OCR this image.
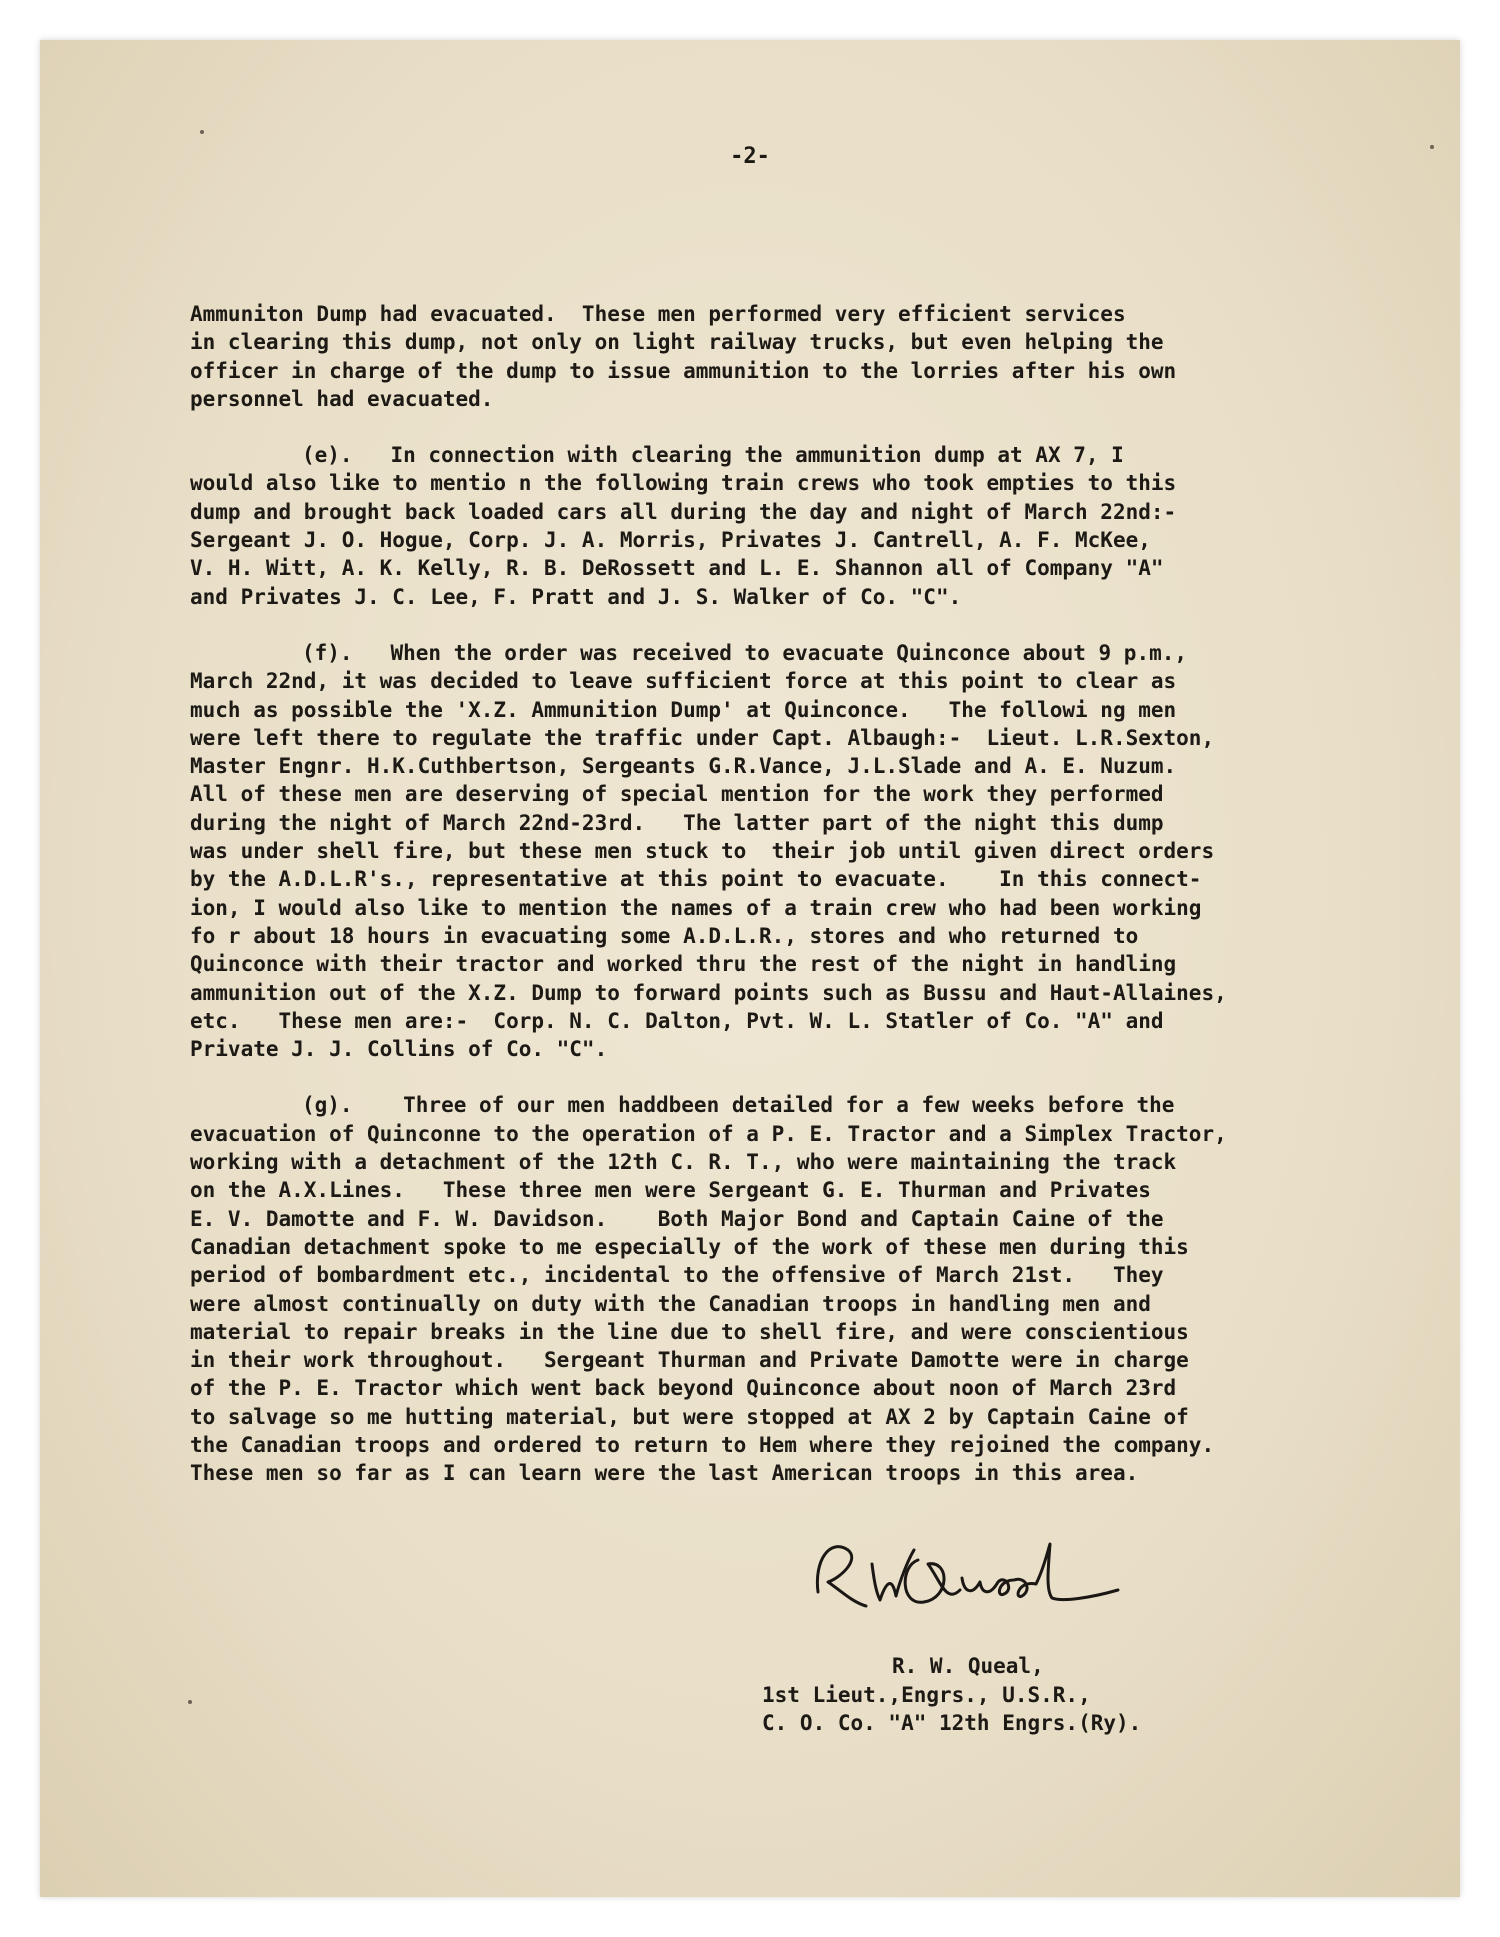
-2-

Ammuniton Dump had evacuated.  These men performed very efficient services
in clearing this dump, not only on light railway trucks, but even helping the
officer in charge of the dump to issue ammunition to the lorries after his own
personnel had evacuated.

(e).   In connection with clearing the ammunition dump at AX 7, I
would also like to mentio n the following train crews who took empties to this
dump and brought back loaded cars all during the day and night of March 22nd:-
Sergeant J. O. Hogue, Corp. J. A. Morris, Privates J. Cantrell, A. F. McKee,
V. H. Witt, A. K. Kelly, R. B. DeRossett and L. E. Shannon all of Company "A"
and Privates J. C. Lee, F. Pratt and J. S. Walker of Co. "C".

(f).   When the order was received to evacuate Quinconce about 9 p.m.,
March 22nd, it was decided to leave sufficient force at this point to clear as
much as possible the 'X.Z. Ammunition Dump' at Quinconce.   The followi ng men
were left there to regulate the traffic under Capt. Albaugh:-  Lieut. L.R.Sexton,
Master Engnr. H.K.Cuthbertson, Sergeants G.R.Vance, J.L.Slade and A. E. Nuzum.
All of these men are deserving of special mention for the work they performed
during the night of March 22nd-23rd.   The latter part of the night this dump
was under shell fire, but these men stuck to  their job until given direct orders
by the A.D.L.R's., representative at this point to evacuate.    In this connect-
ion, I would also like to mention the names of a train crew who had been working
fo r about 18 hours in evacuating some A.D.L.R., stores and who returned to
Quinconce with their tractor and worked thru the rest of the night in handling
ammunition out of the X.Z. Dump to forward points such as Bussu and Haut-Allaines,
etc.   These men are:-  Corp. N. C. Dalton, Pvt. W. L. Statler of Co. "A" and
Private J. J. Collins of Co. "C".

(g).    Three of our men haddbeen detailed for a few weeks before the
evacuation of Quinconne to the operation of a P. E. Tractor and a Simplex Tractor,
working with a detachment of the 12th C. R. T., who were maintaining the track
on the A.X.Lines.   These three men were Sergeant G. E. Thurman and Privates
E. V. Damotte and F. W. Davidson.    Both Major Bond and Captain Caine of the
Canadian detachment spoke to me especially of the work of these men during this
period of bombardment etc., incidental to the offensive of March 21st.   They
were almost continually on duty with the Canadian troops in handling men and
material to repair breaks in the line due to shell fire, and were conscientious
in their work throughout.   Sergeant Thurman and Private Damotte were in charge
of the P. E. Tractor which went back beyond Quinconce about noon of March 23rd
to salvage so me hutting material, but were stopped at AX 2 by Captain Caine of
the Canadian troops and ordered to return to Hem where they rejoined the company.
These men so far as I can learn were the last American troops in this area.

R. W. Queal,
1st Lieut.,Engrs., U.S.R.,
C. O. Co. "A" 12th Engrs.(Ry).
